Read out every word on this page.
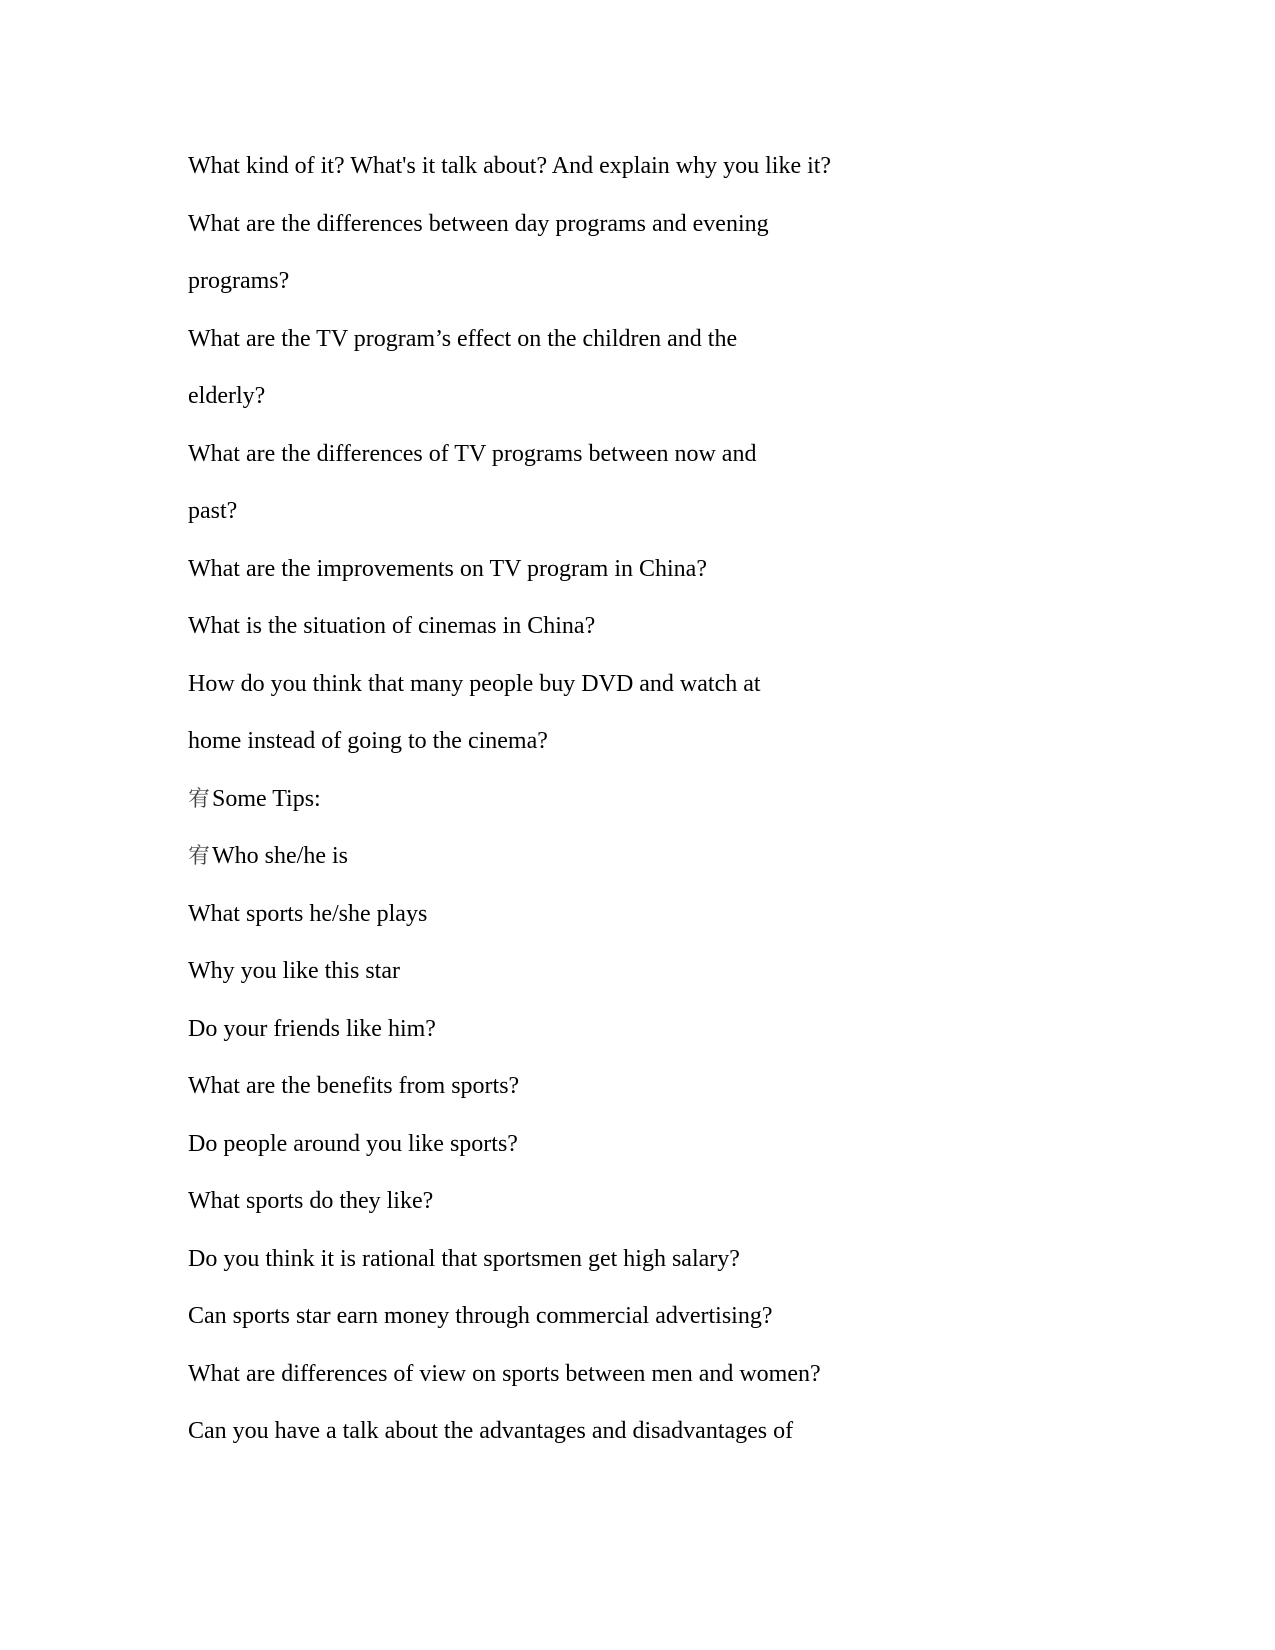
What kind of it? What's it talk about? And explain why you like it?
What are the differences between day programs and evening
programs?
What are the TV program’s effect on the children and the
elderly?
What are the differences of TV programs between now and
past?
What are the improvements on TV program in China?
What is the situation of cinemas in China?
How do you think that many people buy DVD and watch at
home instead of going to the cinema?
宥Some Tips:
宥Who she/he is
What sports he/she plays
Why you like this star
Do your friends like him?
What are the benefits from sports?
Do people around you like sports?
What sports do they like?
Do you think it is rational that sportsmen get high salary?
Can sports star earn money through commercial advertising?
What are differences of view on sports between men and women?
Can you have a talk about the advantages and disadvantages of
